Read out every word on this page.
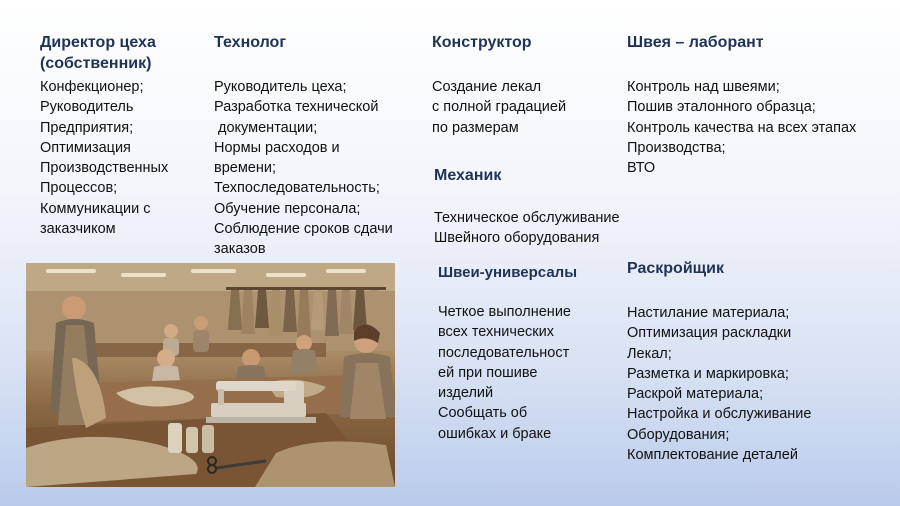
Директор цеха
(собственник)

Конфекционер;
Руководитель
Предприятия;
Оптимизация
Производственных
Процессов;
Коммуникации с
заказчиком

Технолог

Руководитель цеха;
Разработка технической
документации;
Нормы расходов и
времени;
Техпоследовательность;
Обучение персонала;
Соблюдение сроков сдачи
заказов

Конструктор

Создание лекал
с полной градацией
по размерам

Швея – лаборант

Контроль над швеями;
Пошив эталонного образца;
Контроль качества на всех этапах
Производства;
ВТО

Механик

Техническое обслуживание
Швейного оборудования

Швеи-универсалы

Четкое выполнение
всех технических
последовательност
ей при пошиве
изделий
Сообщать об
ошибках и браке

Раскройщик

Настилание материала;
Оптимизация раскладки
Лекал;
Разметка и маркировка;
Раскрой материала;
Настройка и обслуживание
Оборудования;
Комплектование деталей
